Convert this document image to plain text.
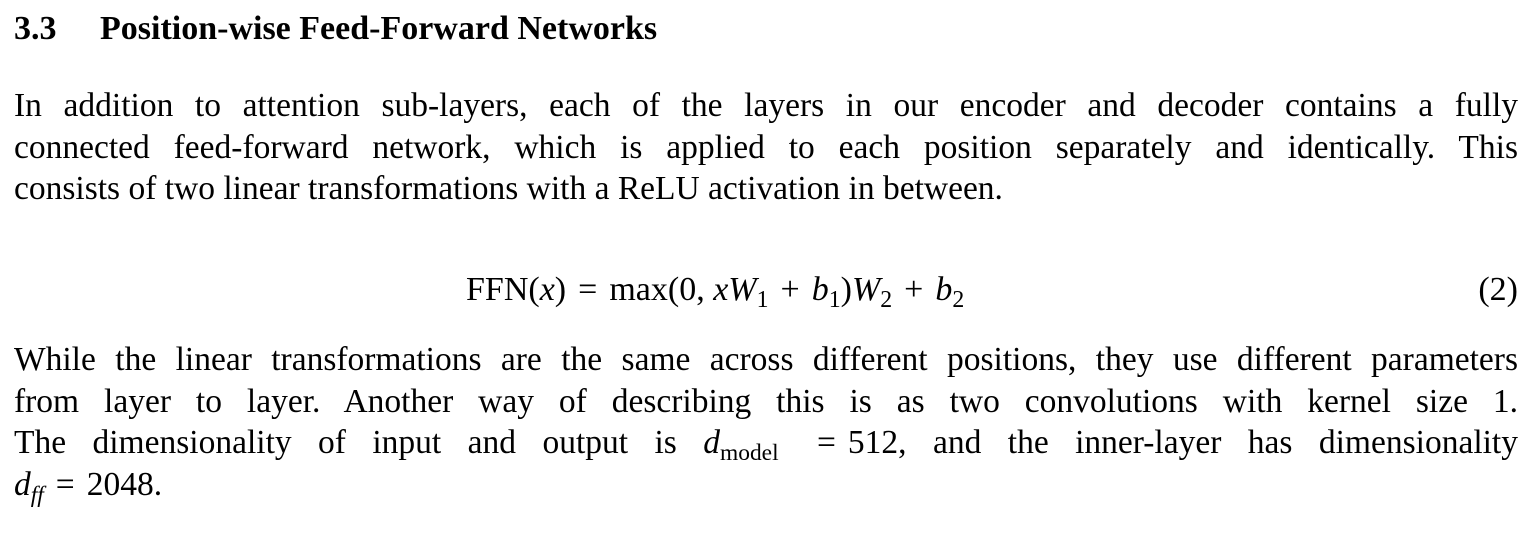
3.3 Position-wise Feed-Forward Networks
In addition to attention sub-layers, each of the layers in our encoder and decoder contains a fully
connected feed-forward network, which is applied to each position separately and identically. This
consists of two linear transformations with a ReLU activation in between.
FFN(x) = max(0, $xW_1 + b_1)W_2 + b_2$	(2)
While the linear transformations are the same across different positions, they use different parameters
from layer to layer. Another way of describing this is as two convolutions with kernel size 1.
The dimensionality of input and output is $d_{model} = 512$, and the inner-layer has dimensionality
$d_{ff} = 2048$.
